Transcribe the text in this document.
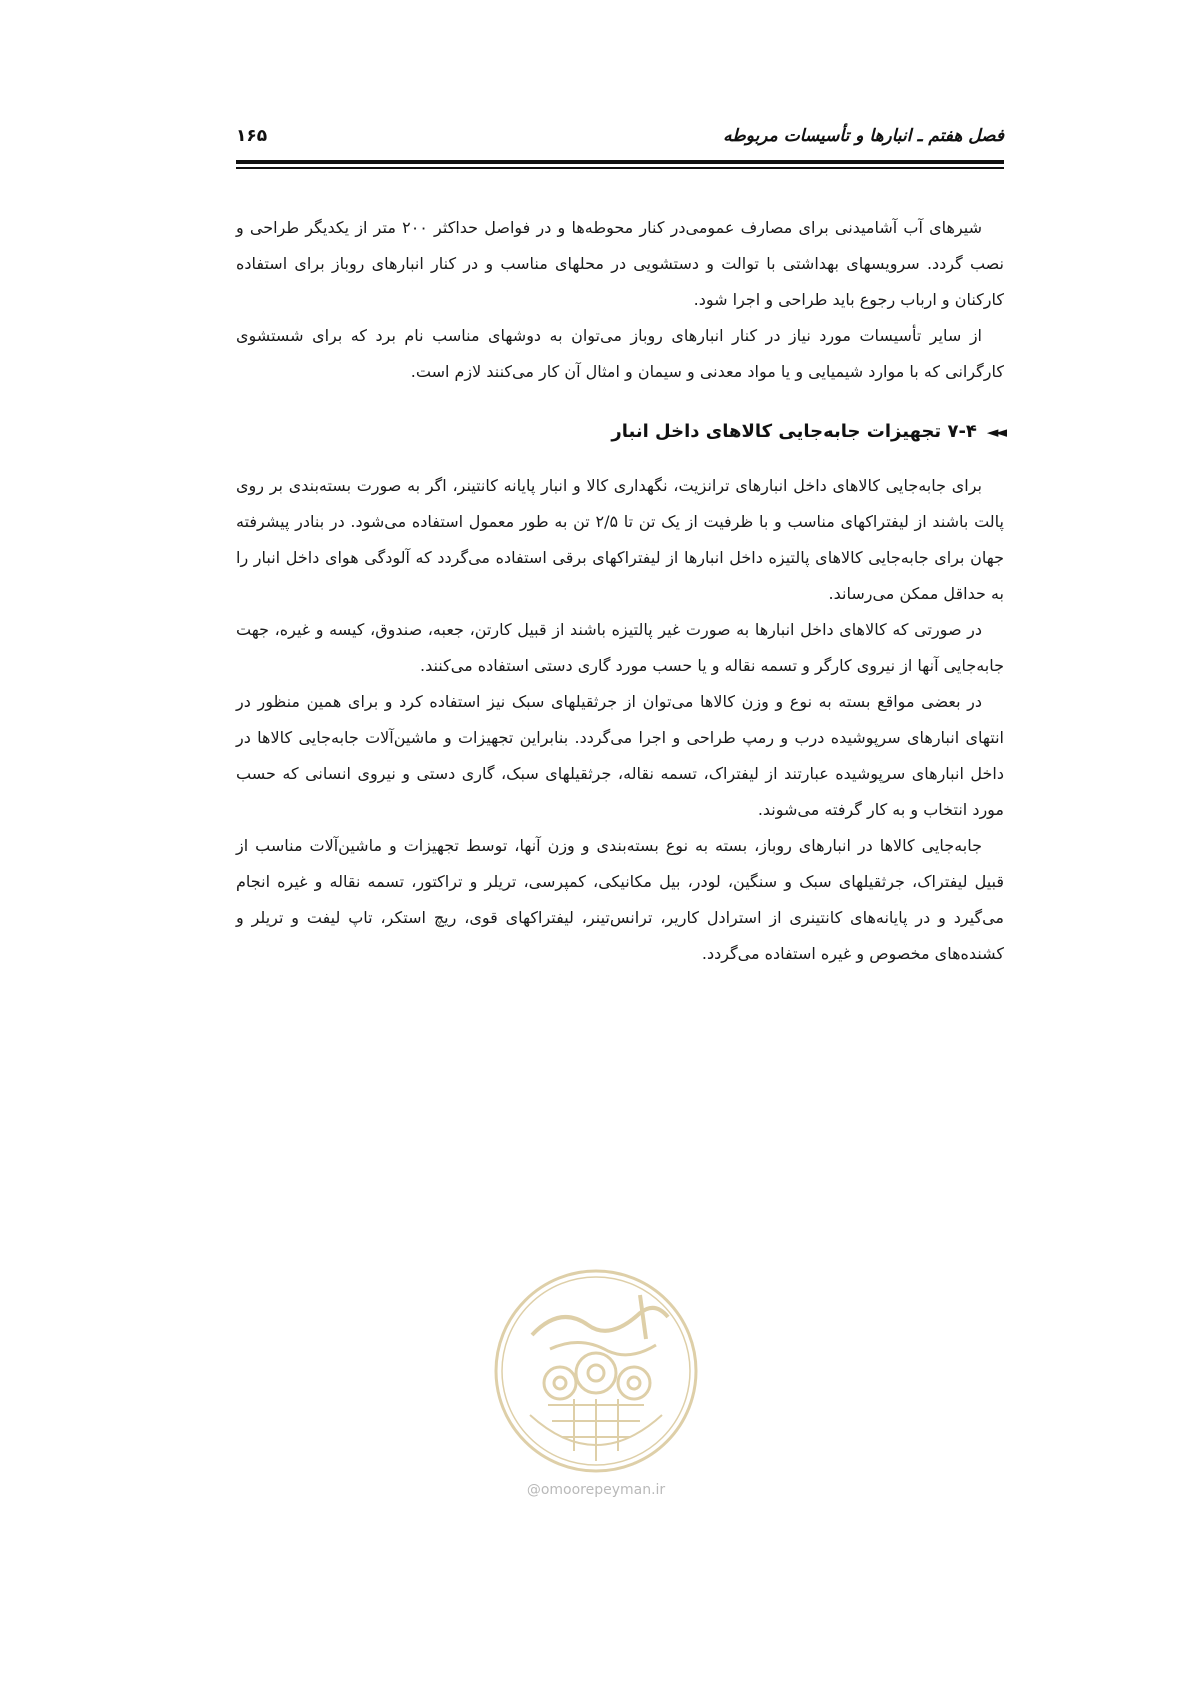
فصل هفتم ـ انبارها و تأسیسات مربوطه
۱۶۵

شیرهای آب آشامیدنی برای مصارف عمومی‌در کنار محوطه‌ها و در فواصل حداکثر ۲۰۰ متر از یکدیگر طراحی و نصب گردد. سرویسهای بهداشتی با توالت و دستشویی در محلهای مناسب و در کنار انبارهای روباز برای استفاده کارکنان و ارباب رجوع باید طراحی و اجرا شود.

از سایر تأسیسات مورد نیاز در کنار انبارهای روباز می‌توان به دوشهای مناسب نام برد که برای شستشوی کارگرانی که با موارد شیمیایی و یا مواد معدنی و سیمان و امثال آن کار می‌کنند لازم است.

◄◄۷-۴ تجهیزات جابه‌جایی کالاهای داخل انبار

برای جابه‌جایی کالاهای داخل انبارهای ترانزیت، نگهداری کالا و انبار پایانه کانتینر، اگر به صورت بسته‌بندی بر روی پالت باشند از لیفتراکهای مناسب و با ظرفیت از یک تن تا ۲/۵ تن به طور معمول استفاده می‌شود. در بنادر پیشرفته جهان برای جابه‌جایی کالاهای پالتیزه داخل انبارها از لیفتراکهای برقی استفاده می‌گردد که آلودگی هوای داخل انبار را به حداقل ممکن می‌رساند.

در صورتی که کالاهای داخل انبارها به صورت غیر پالتیزه باشند از قبیل کارتن، جعبه، صندوق، کیسه و غیره، جهت جابه‌جایی آنها از نیروی کارگر و تسمه نقاله و یا حسب مورد گاری دستی استفاده می‌کنند.

در بعضی مواقع بسته به نوع و وزن کالاها می‌توان از جرثقیلهای سبک نیز استفاده کرد و برای همین منظور در انتهای انبارهای سرپوشیده درب و رمپ طراحی و اجرا می‌گردد. بنابراین تجهیزات و ماشین‌آلات جابه‌جایی کالاها در داخل انبارهای سرپوشیده عبارتند از لیفتراک، تسمه نقاله، جرثقیلهای سبک، گاری دستی و نیروی انسانی که حسب مورد انتخاب و به کار گرفته می‌شوند.

جابه‌جایی کالاها در انبارهای روباز، بسته به نوع بسته‌بندی و وزن آنها، توسط تجهیزات و ماشین‌آلات مناسب از قبیل لیفتراک، جرثقیلهای سبک و سنگین، لودر، بیل مکانیکی، کمپرسی، تریلر و تراکتور، تسمه نقاله و غیره انجام می‌گیرد و در پایانه‌های کانتینری از استرادل کاریر، ترانس‌تینر، لیفتراکهای قوی، ریچ استکر، تاپ لیفت و تریلر و کشنده‌های مخصوص و غیره استفاده می‌گردد.

@omoorepeyman.ir
